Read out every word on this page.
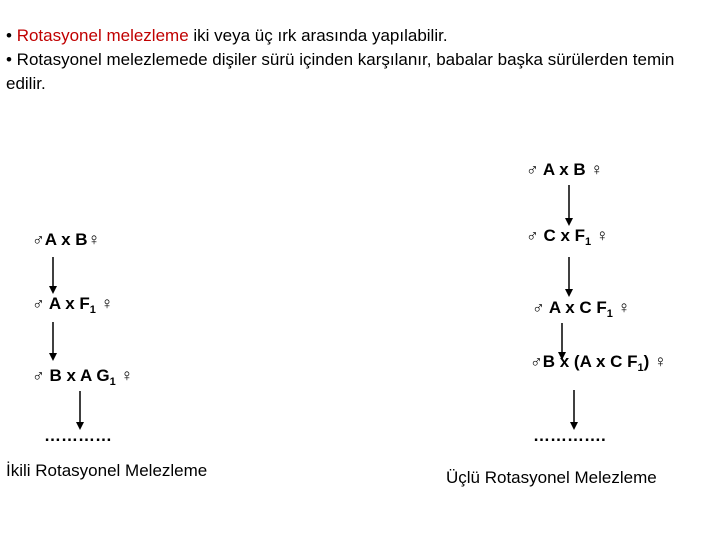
• Rotasyonel melezleme iki veya üç ırk arasında yapılabilir.

• Rotasyonel melezlemede dişiler sürü içinden karşılanır, babalar başka sürülerden temin edilir.

♂A x B♀
♂ A x $F_1$ ♀
♂ B x A $G_1$ ♀
…………
İkili Rotasyonel Melezleme
♂ A x B ♀
♂ C x $F_1$ ♀
♂ A x C $F_1$ ♀
♂B x (A x C $F_1$) ♀
………….
Üçlü Rotasyonel Melezleme
